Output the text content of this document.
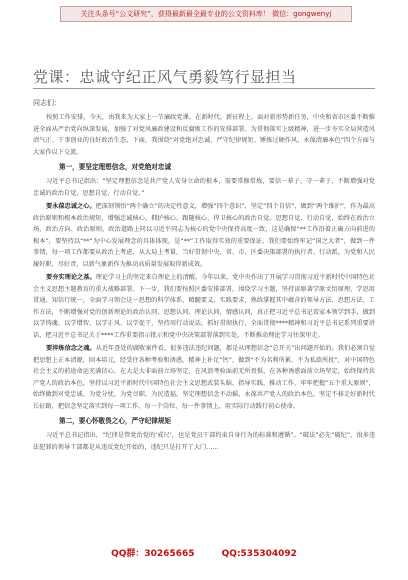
关注头条号“公文研究”，获得最新最全最专业的公文资料库！ 微信：gongwenyj
党课：忠诚守纪正风气勇毅笃行显担当
同志们：

按照工作安排，今天，由我来为大家上一节廉政党课。在新时代、新征程上，面对新形势新任务，中央和省市区委不断推进全面从严治党向纵深发展，加强了对党风廉政建设和反腐败工作的安排部署。为贯彻落实上级精神，进一步夯实全局营造风清气正、干事创业的良好政治生态，下面，我围绕“对党绝对忠诚、严守纪律规矩、锤炼过硬作风、永葆清廉本色”四个方面与大家作以下交流。

第一，要坚定理想信念，对党绝对忠诚

习近平总书记指出：“坚定理想信念是共产党人安身立命的根本，需要常修常炼，要信一辈子、守一辈子，不断增强对党忠诚的政治自觉、思想自觉、行动自觉。”

要永葆忠诚之心。把深刻领悟“两个确立”的决定性意义，增强“四个意识”、坚定“四个自信”、做到“两个维护”，作为最高政治原则和根本政治规矩，增强忠诚核心、拥护核心、跟随核心、捍卫核心的政治自觉。思想自觉、行动自觉，始终在政治立场、政治方向、政治原则、政治道路上同以习近平同志为核心的党中央保持高度一致，这是确保“**工作沿着正确方向前进的根本”，要坚持以“**”为中心发展理念的具体体现，是“**”工作取得实效的重要保证。我们要始终牢记“国之大者”，做到一件事情，每一项工作都要从政治上考虑、从大局上考量，当好贯彻中央、省、市、区委决策部署的执行者、行动派，为党和人民履好职、尽好责，以新气象新作为推动高质量发展取得新成效。

要夯实理论之基。理论学习上的坚定来自理论上的清醒。今年以来，党中央作出了开展学习贯彻习近平新时代中国特色社会主义思想主题教育的重大战略部署。下一步，我们要按照区委安排部署，围绕学习主题，坚持读原著学原文悟原理，学思用贯通、知信行统一，全面学习领会这一思想的科学体系、精髓要义、实践要求，熟练掌握其中蕴含的领导方法、思想方法、工作方法，不断增强对党的创新理论的政治认同、思想认同、理论认同、情感认同，真正把习近平总书记看家本领学到手，做到以学铸魂、以学增智、以学正风、以学促干，坚持用行动说话，抓好贯彻执行，全面贯彻****精神和习近平总书记系列重要讲话，把习近平总书记关于****工作重要指示批示和党中央决策部署落到实处，不断推动理论学习往深里走。

要淬炼信念之魂。从近年查处的腐败案件看，很多违法违纪问题，都是从理想信念“总开关”出问题开始的。我们必须自觉把思想上正本清源，固本培元，经受住各种考验和诱惑，精神上补足“钙”，做到“不为名利所累、不为私欲所扰”，对中国特色社会主义的前途命运充满信心，在大是大非面前立场坚定，在风浪考验面前无所畏惧，在各种诱惑面前立场坚定，始终保持共产党人的政治本色，坚持以习近平新时代中国特色社会主义思想武装头脑、指导实践、推动工作，牢牢把握“五个重大原则”，始终做到对党忠诚、为党分忧、为党尽职、为民造福，坚定理想信念不动摇，永葆共产党人的政治本色，坚定不移走好新时代长征路，把信念坚定落实到每一项工作、每一个岗位、每一件事情上，用实际行动践行初心使命。

第二，要心怀敬畏之心，严守纪律规矩

习近平总书记指出，“纪律是管党治党的‘戒尺’，也是党员干部约束自身行为的标准和遵循”。“破法”必先“破纪”，很多违法犯罪的领导干部都是从违反党纪开始的，违纪只是打开了大门……

QQ群：30265665	QQ:535304092
